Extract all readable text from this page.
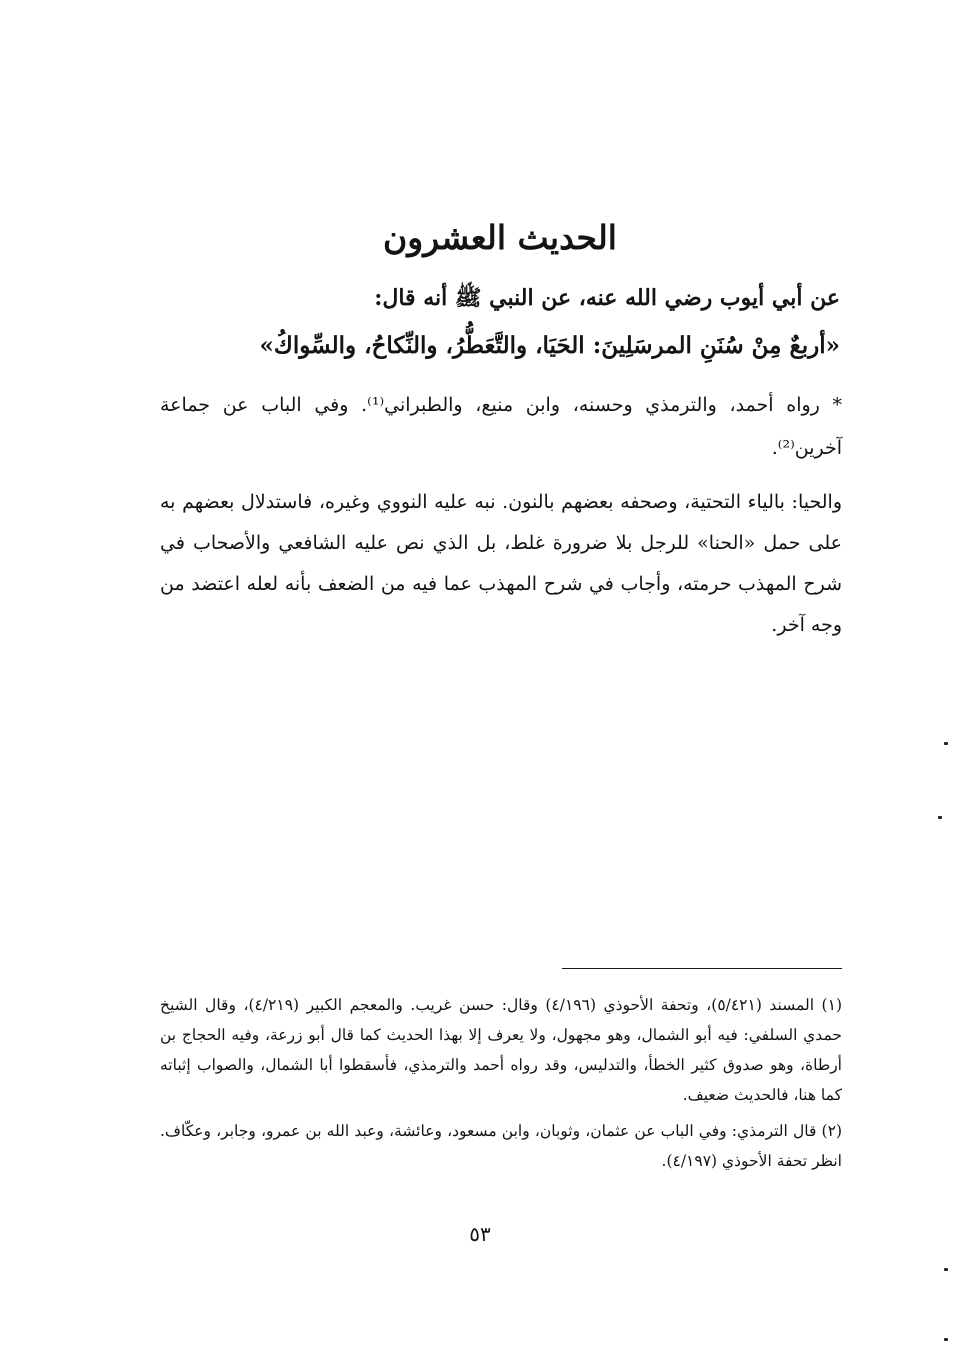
الحديث العشرون

عن أبي أيوب رضي الله عنه، عن النبي ﷺ أنه قال:

«أربعٌ مِنْ سُنَنِ المرسَلِينَ: الحَيَا، والتَّعَطُّرُ، والنِّكاحُ، والسِّواكُ»

* رواه أحمد، والترمذي وحسنه، وابن منيع، والطبراني⁽¹⁾. وفي الباب عن جماعة آخرين⁽²⁾.

والحيا: بالياء التحتية، وصحفه بعضهم بالنون. نبه عليه النووي وغيره، فاستدلال بعضهم به على حمل «الحنا» للرجل بلا ضرورة غلط، بل الذي نص عليه الشافعي والأصحاب في شرح المهذب حرمته، وأجاب في شرح المهذب عما فيه من الضعف بأنه لعله اعتضد من وجه آخر.

(١) المسند (٥/٤٢١)، وتحفة الأحوذي (٤/١٩٦) وقال: حسن غريب. والمعجم الكبير (٤/٢١٩)، وقال الشيخ حمدي السلفي: فيه أبو الشمال، وهو مجهول، ولا يعرف إلا بهذا الحديث كما قال أبو زرعة، وفيه الحجاج بن أرطاة، وهو صدوق كثير الخطأ، والتدليس، وقد رواه أحمد والترمذي، فأسقطوا أبا الشمال، والصواب إثباته كما هنا، فالحديث ضعيف.
(٢) قال الترمذي: وفي الباب عن عثمان، وثوبان، وابن مسعود، وعائشة، وعبد الله بن عمرو، وجابر، وعكّاف. انظر تحفة الأحوذي (٤/١٩٧).
٥٣
